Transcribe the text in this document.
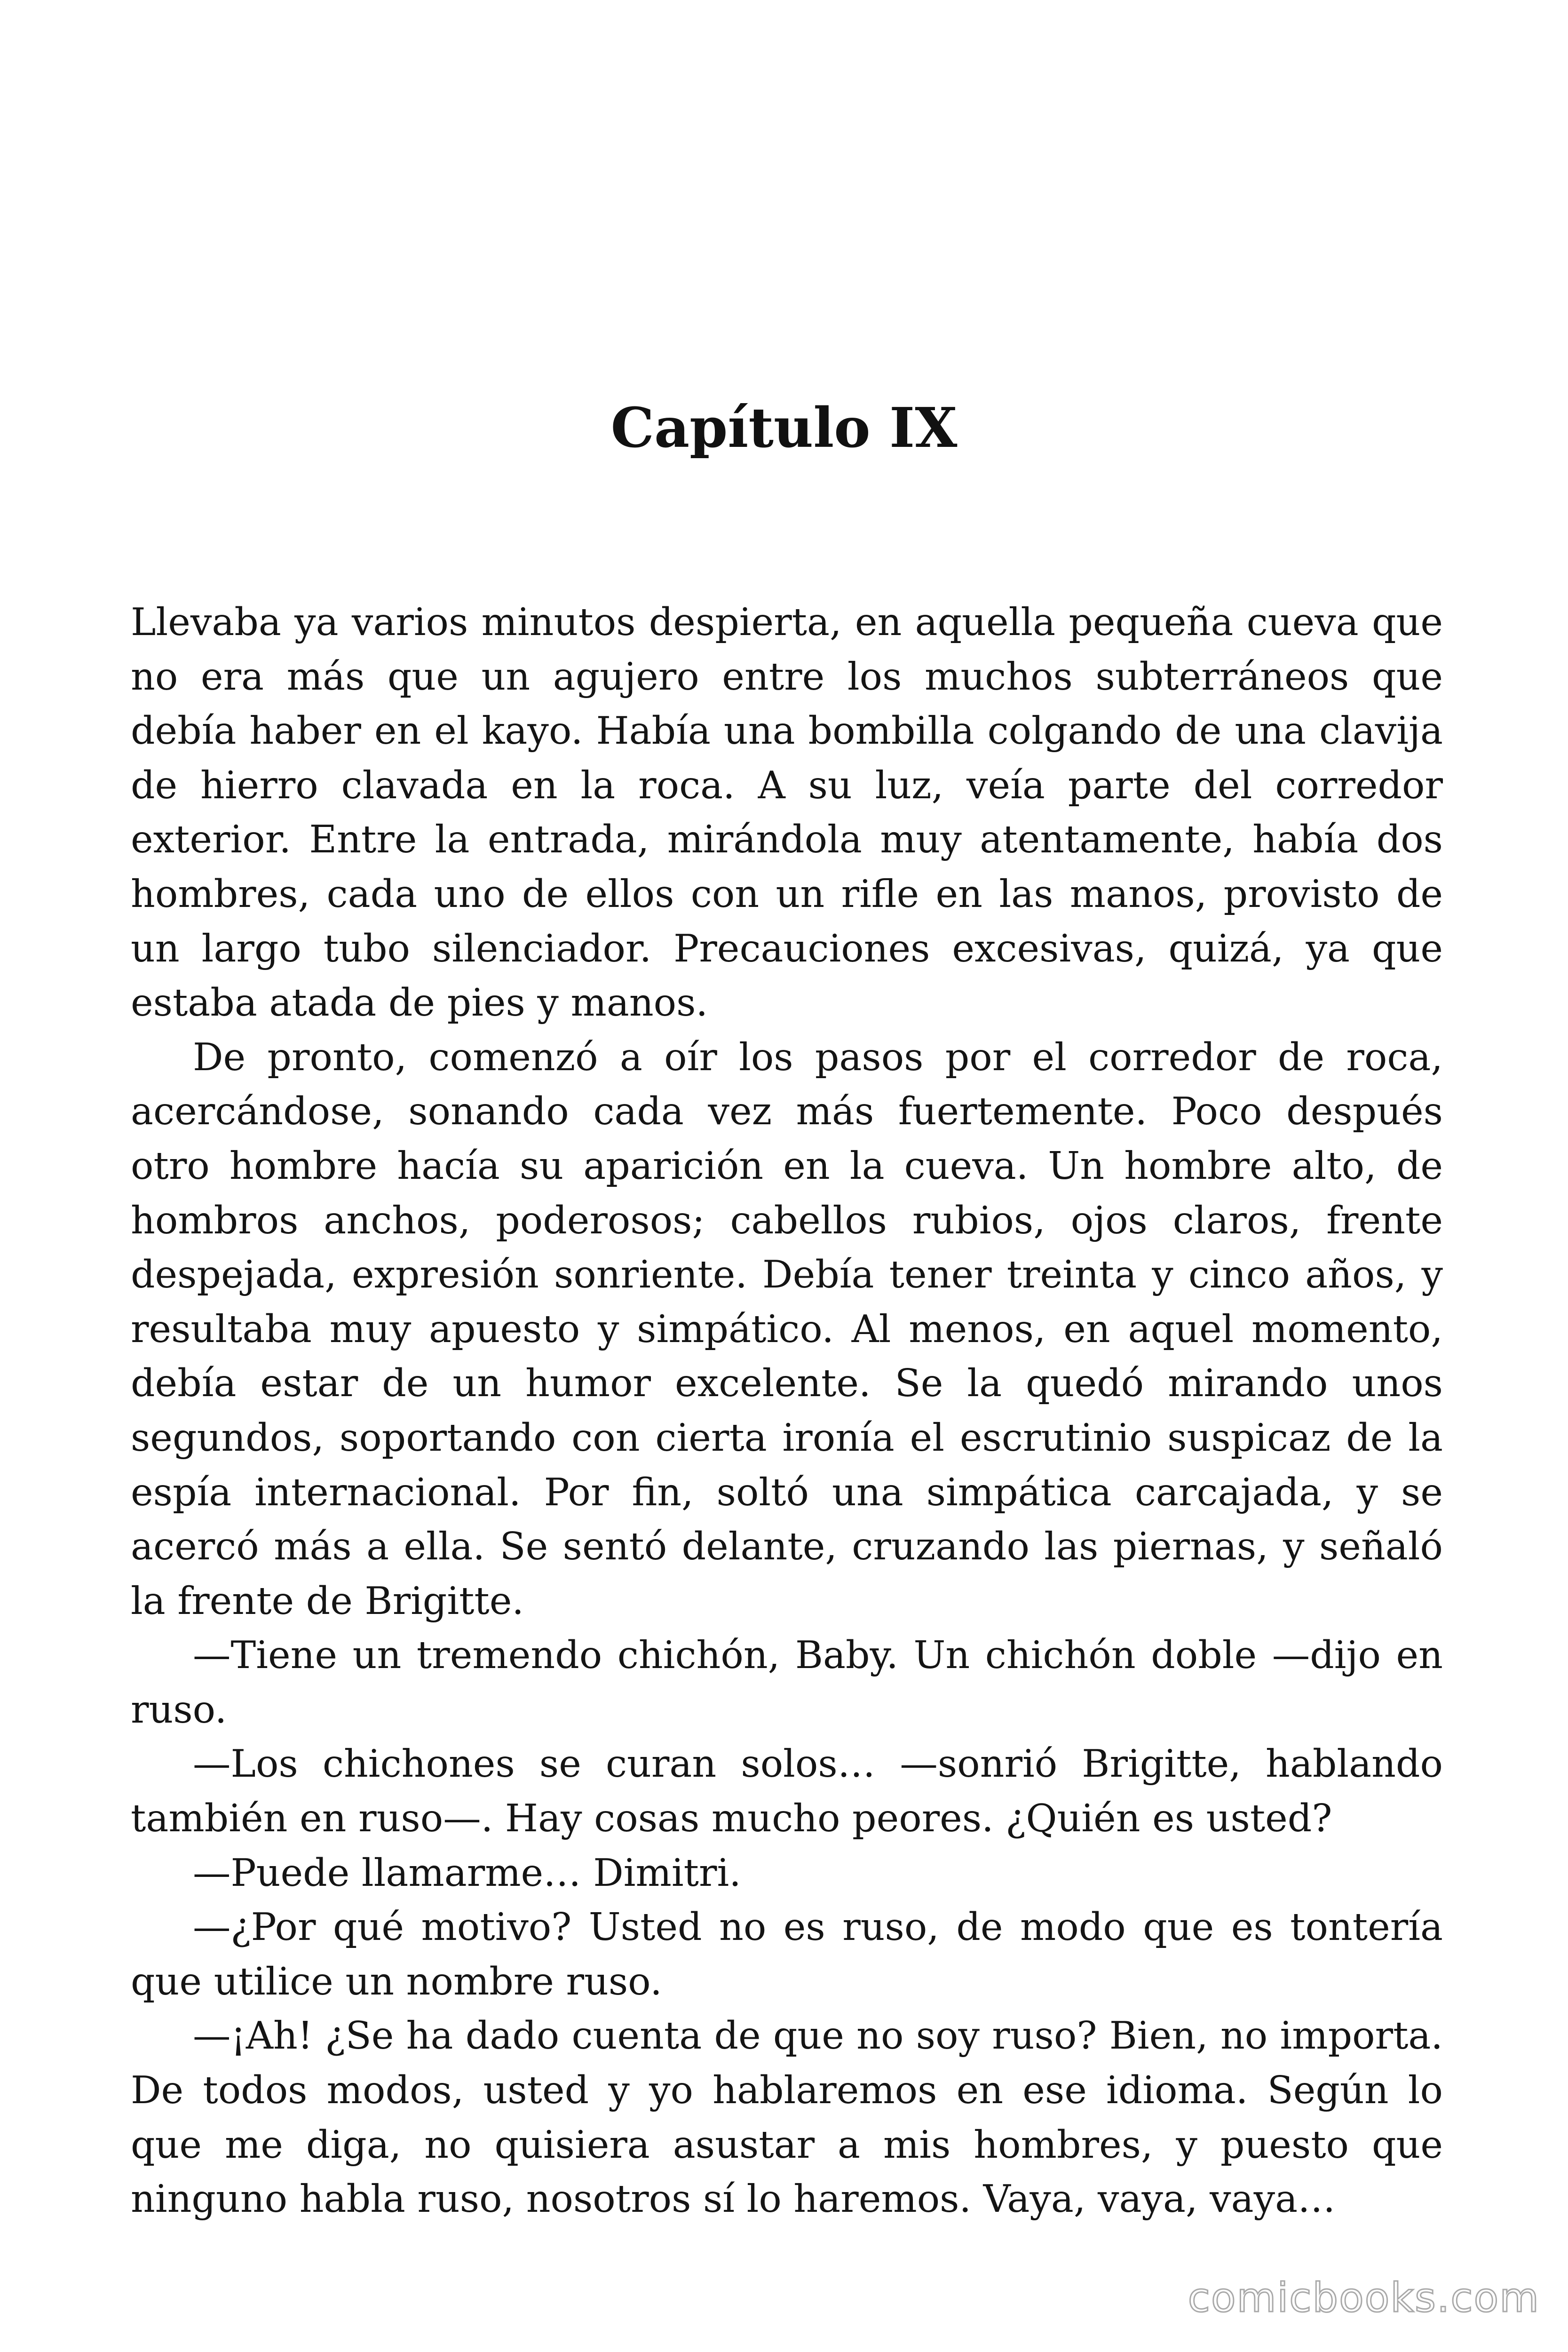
Capítulo IX

Llevaba ya varios minutos despierta, en aquella pequeña cueva que no era más que un agujero entre los muchos subterráneos que debía haber en el kayo. Había una bombilla colgando de una clavija de hierro clavada en la roca. A su luz, veía parte del corredor exterior. Entre la entrada, mirándola muy atentamente, había dos hombres, cada uno de ellos con un rifle en las manos, provisto de un largo tubo silenciador. Precauciones excesivas, quizá, ya que estaba atada de pies y manos.

De pronto, comenzó a oír los pasos por el corredor de roca, acercándose, sonando cada vez más fuertemente. Poco después otro hombre hacía su aparición en la cueva. Un hombre alto, de hombros anchos, poderosos; cabellos rubios, ojos claros, frente despejada, expresión sonriente. Debía tener treinta y cinco años, y resultaba muy apuesto y simpático. Al menos, en aquel momento, debía estar de un humor excelente. Se la quedó mirando unos segundos, soportando con cierta ironía el escrutinio suspicaz de la espía internacional. Por fin, soltó una simpática carcajada, y se acercó más a ella. Se sentó delante, cruzando las piernas, y señaló la frente de Brigitte.

—Tiene un tremendo chichón, Baby. Un chichón doble —dijo en ruso.

—Los chichones se curan solos… —sonrió Brigitte, hablando también en ruso—. Hay cosas mucho peores. ¿Quién es usted?

—Puede llamarme… Dimitri.

—¿Por qué motivo? Usted no es ruso, de modo que es tontería que utilice un nombre ruso.

—¡Ah! ¿Se ha dado cuenta de que no soy ruso? Bien, no importa. De todos modos, usted y yo hablaremos en ese idioma. Según lo que me diga, no quisiera asustar a mis hombres, y puesto que ninguno habla ruso, nosotros sí lo haremos. Vaya, vaya, vaya…

comicbooks.com
